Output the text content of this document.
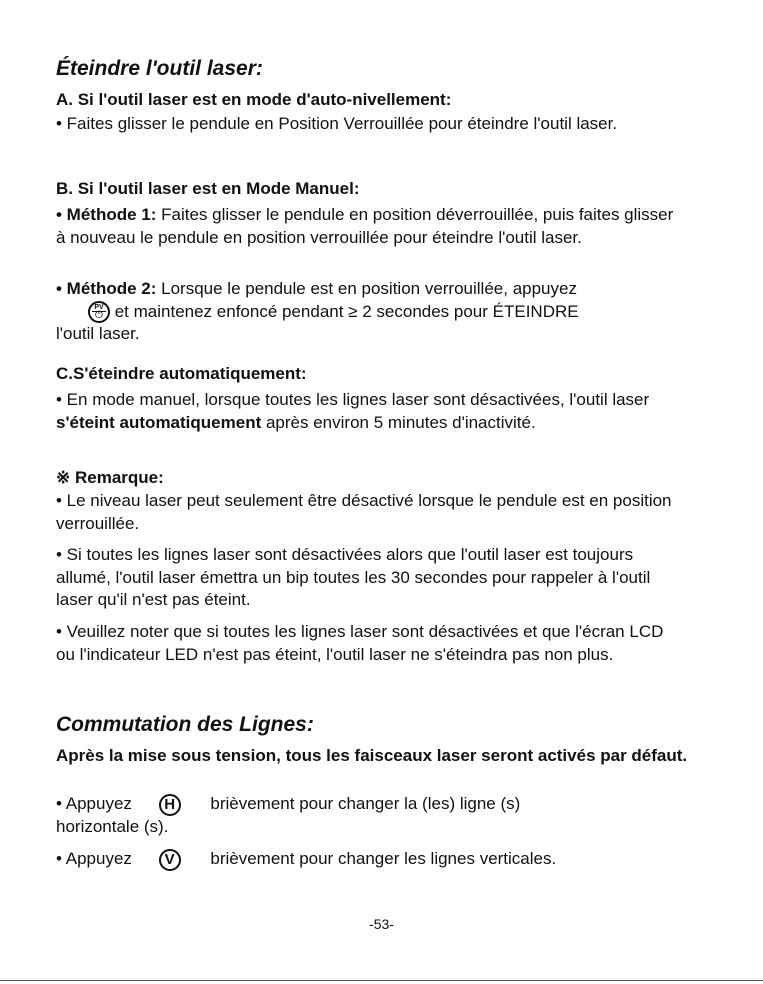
Éteindre l'outil laser:
A. Si l'outil laser est en mode d'auto-nivellement:
• Faites glisser le pendule en Position Verrouillée pour éteindre l'outil laser.
B. Si l'outil laser est en Mode Manuel:
• Méthode 1: Faites glisser le pendule en position déverrouillée, puis faites glisser à nouveau le pendule en position verrouillée pour éteindre l'outil laser.
• Méthode 2: Lorsque le pendule est en position verrouillée, appuyez
PV
⏻ et maintenez enfoncé pendant ≥ 2 secondes pour ÉTEINDRE
l'outil laser.
C.S'éteindre automatiquement:
• En mode manuel, lorsque toutes les lignes laser sont désactivées, l'outil laser s'éteint automatiquement après environ 5 minutes d'inactivité.
※ Remarque:
• Le niveau laser peut seulement être désactivé lorsque le pendule est en position verrouillée.
• Si toutes les lignes laser sont désactivées alors que l'outil laser est toujours allumé, l'outil laser émettra un bip toutes les 30 secondes pour rappeler à l'outil laser qu'il n'est pas éteint.
• Veuillez noter que si toutes les lignes laser sont désactivées et que l'écran LCD ou l'indicateur LED n'est pas éteint, l'outil laser ne s'éteindra pas non plus.
Commutation des Lignes:
Après la mise sous tension, tous les faisceaux laser seront activés par défaut.
• Appuyez H brièvement pour changer la (les) ligne (s)
horizontale (s).
• Appuyez V brièvement pour changer les lignes verticales.
-53-
